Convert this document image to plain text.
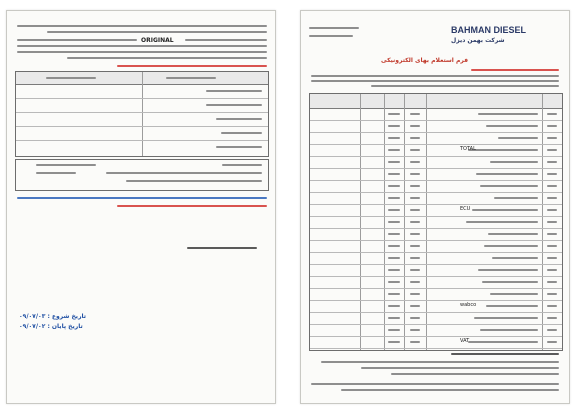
BAHMAN DIESEL
شرکت بهمن دیزل
فرم استعلام بهای الکترونیکی
TOTAL
ECU
wabco
VAT
ORIGINAL
تاریخ شروع : ۰۹/۰۷/۰۳
تاریخ پایان : ۰۹/۰۷/۰۲
